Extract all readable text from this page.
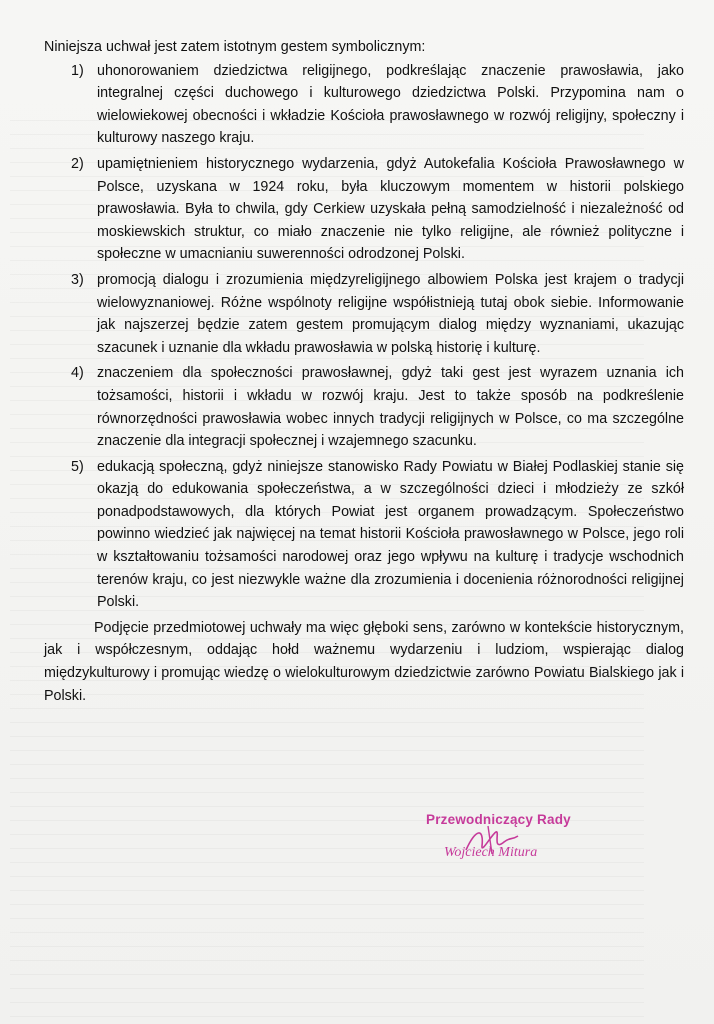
Niniejsza uchwał jest zatem istotnym gestem symbolicznym:

1) uhonorowaniem dziedzictwa religijnego, podkreślając znaczenie prawosławia, jako integralnej części duchowego i kulturowego dziedzictwa Polski. Przypomina nam o wielowiekowej obecności i wkładzie Kościoła prawosławnego w rozwój religijny, społeczny i kulturowy naszego kraju.
2) upamiętnieniem historycznego wydarzenia, gdyż Autokefalia Kościoła Prawosławnego w Polsce, uzyskana w 1924 roku, była kluczowym momentem w historii polskiego prawosławia. Była to chwila, gdy Cerkiew uzyskała pełną samodzielność i niezależność od moskiewskich struktur, co miało znaczenie nie tylko religijne, ale również polityczne i społeczne w umacnianiu suwerenności odrodzonej Polski.
3) promocją dialogu i zrozumienia międzyreligijnego albowiem Polska jest krajem o tradycji wielowyznaniowej. Różne wspólnoty religijne współistnieją tutaj obok siebie. Informowanie jak najszerzej będzie zatem gestem promującym dialog między wyznaniami, ukazując szacunek i uznanie dla wkładu prawosławia w polską historię i kulturę.
4) znaczeniem dla społeczności prawosławnej, gdyż taki gest jest wyrazem uznania ich tożsamości, historii i wkładu w rozwój kraju. Jest to także sposób na podkreślenie równorzędności prawosławia wobec innych tradycji religijnych w Polsce, co ma szczególne znaczenie dla integracji społecznej i wzajemnego szacunku.
5) edukacją społeczną, gdyż niniejsze stanowisko Rady Powiatu w Białej Podlaskiej stanie się okazją do edukowania społeczeństwa, a w szczególności dzieci i młodzieży ze szkół ponadpodstawowych, dla których Powiat jest organem prowadzącym. Społeczeństwo powinno wiedzieć jak najwięcej na temat historii Kościoła prawosławnego w Polsce, jego roli w kształtowaniu tożsamości narodowej oraz jego wpływu na kulturę i tradycje wschodnich terenów kraju, co jest niezwykle ważne dla zrozumienia i docenienia różnorodności religijnej Polski.

Podjęcie przedmiotowej uchwały ma więc głęboki sens, zarówno w kontekście historycznym, jak i współczesnym, oddając hołd ważnemu wydarzeniu i ludziom, wspierając dialog międzykulturowy i promując wiedzę o wielokulturowym dziedzictwie zarówno Powiatu Bialskiego jak i Polski.

Przewodniczący Rady
Wojciech Mitura
